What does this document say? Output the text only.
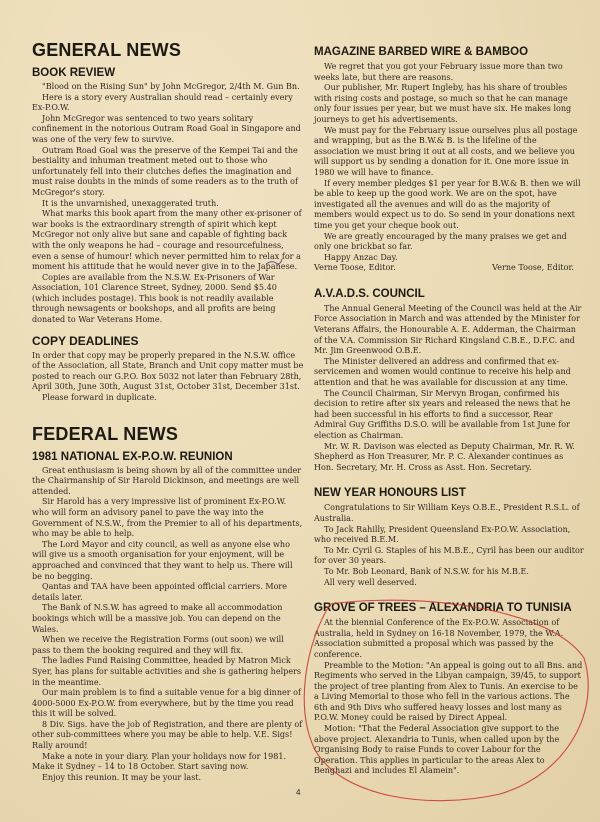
GENERAL NEWS
BOOK REVIEW

"Blood on the Rising Sun" by John McGregor, 2/4th M. Gun Bn.

Here is a story every Australian should read – certainly every Ex-P.O.W.

John McGregor was sentenced to two years solitary confinement in the notorious Outram Road Goal in Singapore and was one of the very few to survive.

Outram Road Goal was the preserve of the Kempei Tai and the bestiality and inhuman treatment meted out to those who unfortunately fell into their clutches defies the imagination and must raise doubts in the minds of some readers as to the truth of McGregor's story.

It is the unvarnished, unexaggerated truth.

What marks this book apart from the many other ex-prisoner of war books is the extraordinary strength of spirit which kept McGregor not only alive but sane and capable of fighting back with the only weapons he had – courage and resourcefulness, even a sense of humour! which never permitted him to relax for a moment his attitude that he would never give in to the Japanese.

Copies are available from the N.S.W. Ex-Prisoners of War Association, 101 Clarence Street, Sydney, 2000. Send $5.40 (which includes postage). This book is not readily available through newsagents or bookshops, and all profits are being donated to War Veterans Home.

COPY DEADLINES

In order that copy may be properly prepared in the N.S.W. office of the Association, all State, Branch and Unit copy matter must be posted to reach our G.P.O. Box 5032 not later than February 28th, April 30th, June 30th, August 31st, October 31st, December 31st.

Please forward in duplicate.

FEDERAL NEWS
1981 NATIONAL EX-P.O.W. REUNION

Great enthusiasm is being shown by all of the committee under the Chairmanship of Sir Harold Dickinson, and meetings are well attended.

Sir Harold has a very impressive list of prominent Ex-P.O.W. who will form an advisory panel to pave the way into the Government of N.S.W., from the Premier to all of his departments, who may be able to help.

The Lord Mayor and city council, as well as anyone else who will give us a smooth organisation for your enjoyment, will be approached and convinced that they want to help us. There will be no begging.

Qantas and TAA have been appointed official carriers. More details later.

The Bank of N.S.W. has agreed to make all accommodation bookings which will be a massive job. You can depend on the Wales.

When we receive the Registration Forms (out soon) we will pass to them the booking required and they will fix.

The ladies Fund Raising Committee, headed by Matron Mick Syer, has plans for suitable activities and she is gathering helpers in the meantime.

Our main problem is to find a suitable venue for a big dinner of 4000-5000 Ex-P.O.W. from everywhere, but by the time you read this it will be solved.

8 Div. Sigs. have the job of Registration, and there are plenty of other sub-committees where you may be able to help. V.E. Sigs! Rally around!

Make a note in your diary. Plan your holidays now for 1981. Make it Sydney – 14 to 18 October. Start saving now.

Enjoy this reunion. It may be your last.

MAGAZINE BARBED WIRE & BAMBOO

We regret that you got your February issue more than two weeks late, but there are reasons.

Our publisher, Mr. Rupert Ingleby, has his share of troubles with rising costs and postage, so much so that he can manage only four issues per year, but we must have six. He makes long journeys to get his advertisements.

We must pay for the February issue ourselves plus all postage and wrapping, but as the B.W.& B. is the lifeline of the association we must bring it out at all costs, and we believe you will support us by sending a donation for it. One more issue in 1980 we will have to finance.

If every member pledges $1 per year for B.W.& B. then we will be able to keep up the good work. We are on the spot, have investigated all the avenues and will do as the majority of members would expect us to do. So send in your donations next time you get your cheque book out.

We are greatly encouraged by the many praises we get and only one brickbat so far.

Happy Anzac Day.

Verne Toose, Editor.	Verne Toose, Editor.
A.V.A.D.S. COUNCIL

The Annual General Meeting of the Council was held at the Air Force Association in March and was attended by the Minister for Veterans Affairs, the Honourable A. E. Adderman, the Chairman of the V.A. Commission Sir Richard Kingsland C.B.E., D.F.C. and Mr. Jim Greenwood O.B.E.

The Minister delivered an address and confirmed that ex-servicemen and women would continue to receive his help and attention and that he was available for discussion at any time.

The Council Chairman, Sir Mervyn Brogan, confirmed his decision to retire after six years and released the news that he had been successful in his efforts to find a successor, Rear Admiral Guy Griffiths D.S.O. will be available from 1st June for election as Chairman.

Mr. W. R. Davison was elected as Deputy Chairman, Mr. R. W. Shepherd as Hon Treasurer, Mr. P. C. Alexander continues as Hon. Secretary, Mr. H. Cross as Asst. Hon. Secretary.

NEW YEAR HONOURS LIST

Congratulations to Sir William Keys O.B.E., President R.S.L. of Australia.

To Jack Rahilly, President Queensland Ex-P.O.W. Association, who received B.E.M.

To Mr. Cyril G. Staples of his M.B.E., Cyril has been our auditor for over 30 years.

To Mr. Bob Leonard, Bank of N.S.W. for his M.B.E.

All very well deserved.

GROVE OF TREES – ALEXANDRIA TO TUNISIA

At the biennial Conference of the Ex-P.O.W. Association of Australia, held in Sydney on 16-18 November, 1979, the W.A. Association submitted a proposal which was passed by the conference.

Preamble to the Motion: "An appeal is going out to all Bns. and Regiments who served in the Libyan campaign, 39/45, to support the project of tree planting from Alex to Tunis. An exercise to be a Living Memorial to those who fell in the various actions. The 6th and 9th Divs who suffered heavy losses and lost many as P.O.W. Money could be raised by Direct Appeal.

Motion: "That the Federal Association give support to the above project. Alexandria to Tunis, when called upon by the Organising Body to raise Funds to cover Labour for the Operation. This applies in particular to the areas Alex to Benghazi and includes El Alamein".

4
